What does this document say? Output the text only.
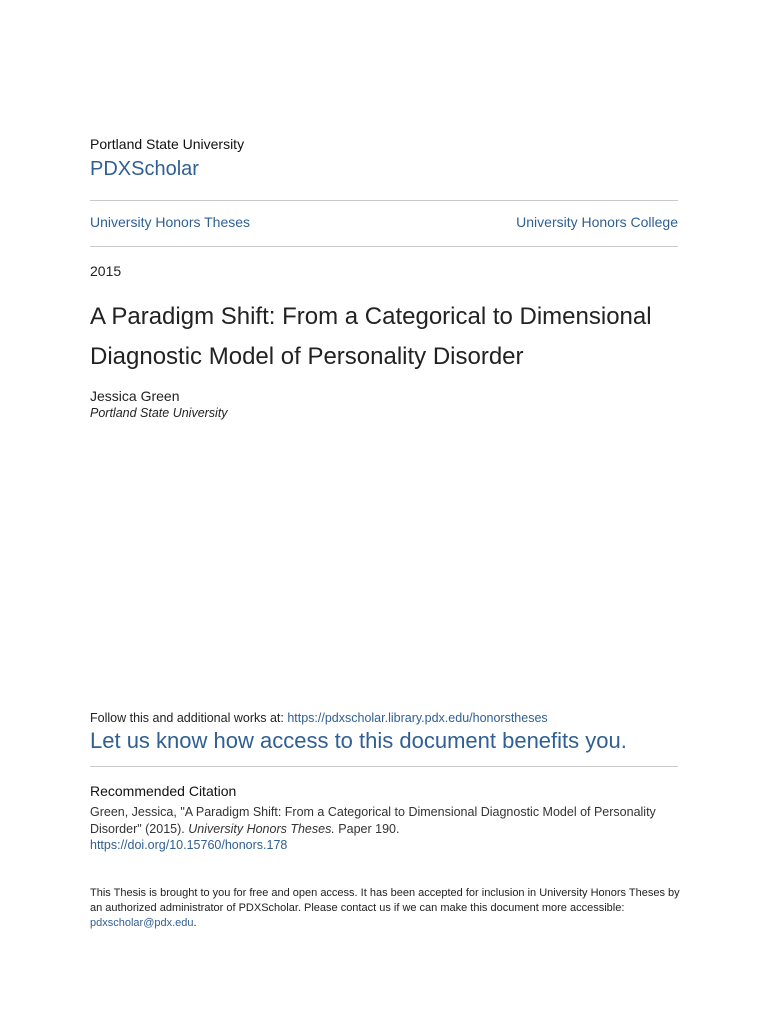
Portland State University
PDXScholar
University Honors Theses	University Honors College
2015
A Paradigm Shift: From a Categorical to Dimensional Diagnostic Model of Personality Disorder
Jessica Green
Portland State University
Follow this and additional works at: https://pdxscholar.library.pdx.edu/honorstheses
Let us know how access to this document benefits you.
Recommended Citation
Green, Jessica, "A Paradigm Shift: From a Categorical to Dimensional Diagnostic Model of Personality Disorder" (2015). University Honors Theses. Paper 190.
https://doi.org/10.15760/honors.178
This Thesis is brought to you for free and open access. It has been accepted for inclusion in University Honors Theses by an authorized administrator of PDXScholar. Please contact us if we can make this document more accessible: pdxscholar@pdx.edu.
